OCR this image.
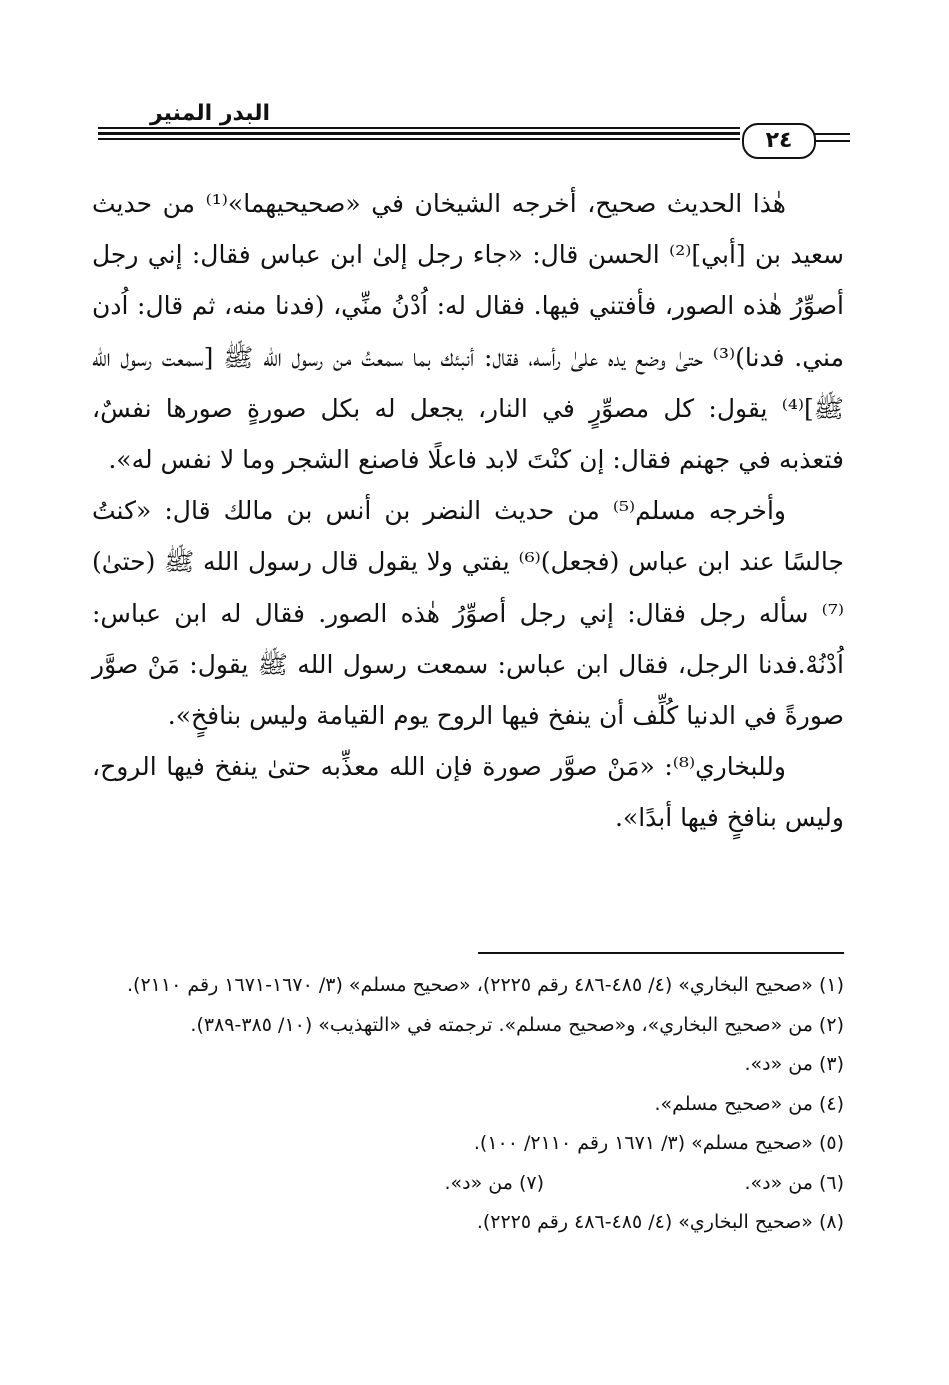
البدر المنير
٢٤

هٰذا الحديث صحيح، أخرجه الشيخان في «صحيحيهما»⁽¹⁾ من حديث سعيد بن [أبي]⁽²⁾ الحسن قال: «جاء رجل إلىٰ ابن عباس فقال: إني رجل أصوِّرُ هٰذه الصور، فأفتني فيها. فقال له: اُدْنُ منِّي، (فدنا منه، ثم قال: اُدن مني. فدنا)⁽³⁾ حتىٰ وضع يده علىٰ رأسه، فقال: أنبئك بما سمعتُ من رسول الله ﷺ [سمعت رسول الله ﷺ]⁽⁴⁾ يقول: كل مصوِّرٍ في النار، يجعل له بكل صورةٍ صورها نفسٌ، فتعذبه في جهنم فقال: إن كنْتَ لابد فاعلًا فاصنع الشجر وما لا نفس له».

وأخرجه مسلم⁽⁵⁾ من حديث النضر بن أنس بن مالك قال: «كنتُ جالسًا عند ابن عباس (فجعل)⁽⁶⁾ يفتي ولا يقول قال رسول الله ﷺ (حتىٰ)⁽⁷⁾ سأله رجل فقال: إني رجل أصوِّرُ هٰذه الصور. فقال له ابن عباس: اُدْنُهْ.فدنا الرجل، فقال ابن عباس: سمعت رسول الله ﷺ يقول: مَنْ صوَّر صورةً في الدنيا كُلِّف أن ينفخ فيها الروح يوم القيامة وليس بنافخٍ».

وللبخاري⁽⁸⁾: «مَنْ صوَّر صورة فإن الله معذِّبه حتىٰ ينفخ فيها الروح، وليس بنافخٍ فيها أبدًا».

(١) «صحيح البخاري» (٤/ ٤٨٥-٤٨٦ رقم ٢٢٢٥)، «صحيح مسلم» (٣/ ١٦٧٠-١٦٧١ رقم ٢١١٠).

(٢) من «صحيح البخاري»، و«صحيح مسلم». ترجمته في «التهذيب» (١٠/ ٣٨٥-٣٨٩).

(٣) من «د».

(٤) من «صحيح مسلم».

(٥) «صحيح مسلم» (٣/ ١٦٧١ رقم ٢١١٠/ ١٠٠).

(٦) من «د».

(٧) من «د».

(٨) «صحيح البخاري» (٤/ ٤٨٥-٤٨٦ رقم ٢٢٢٥).
